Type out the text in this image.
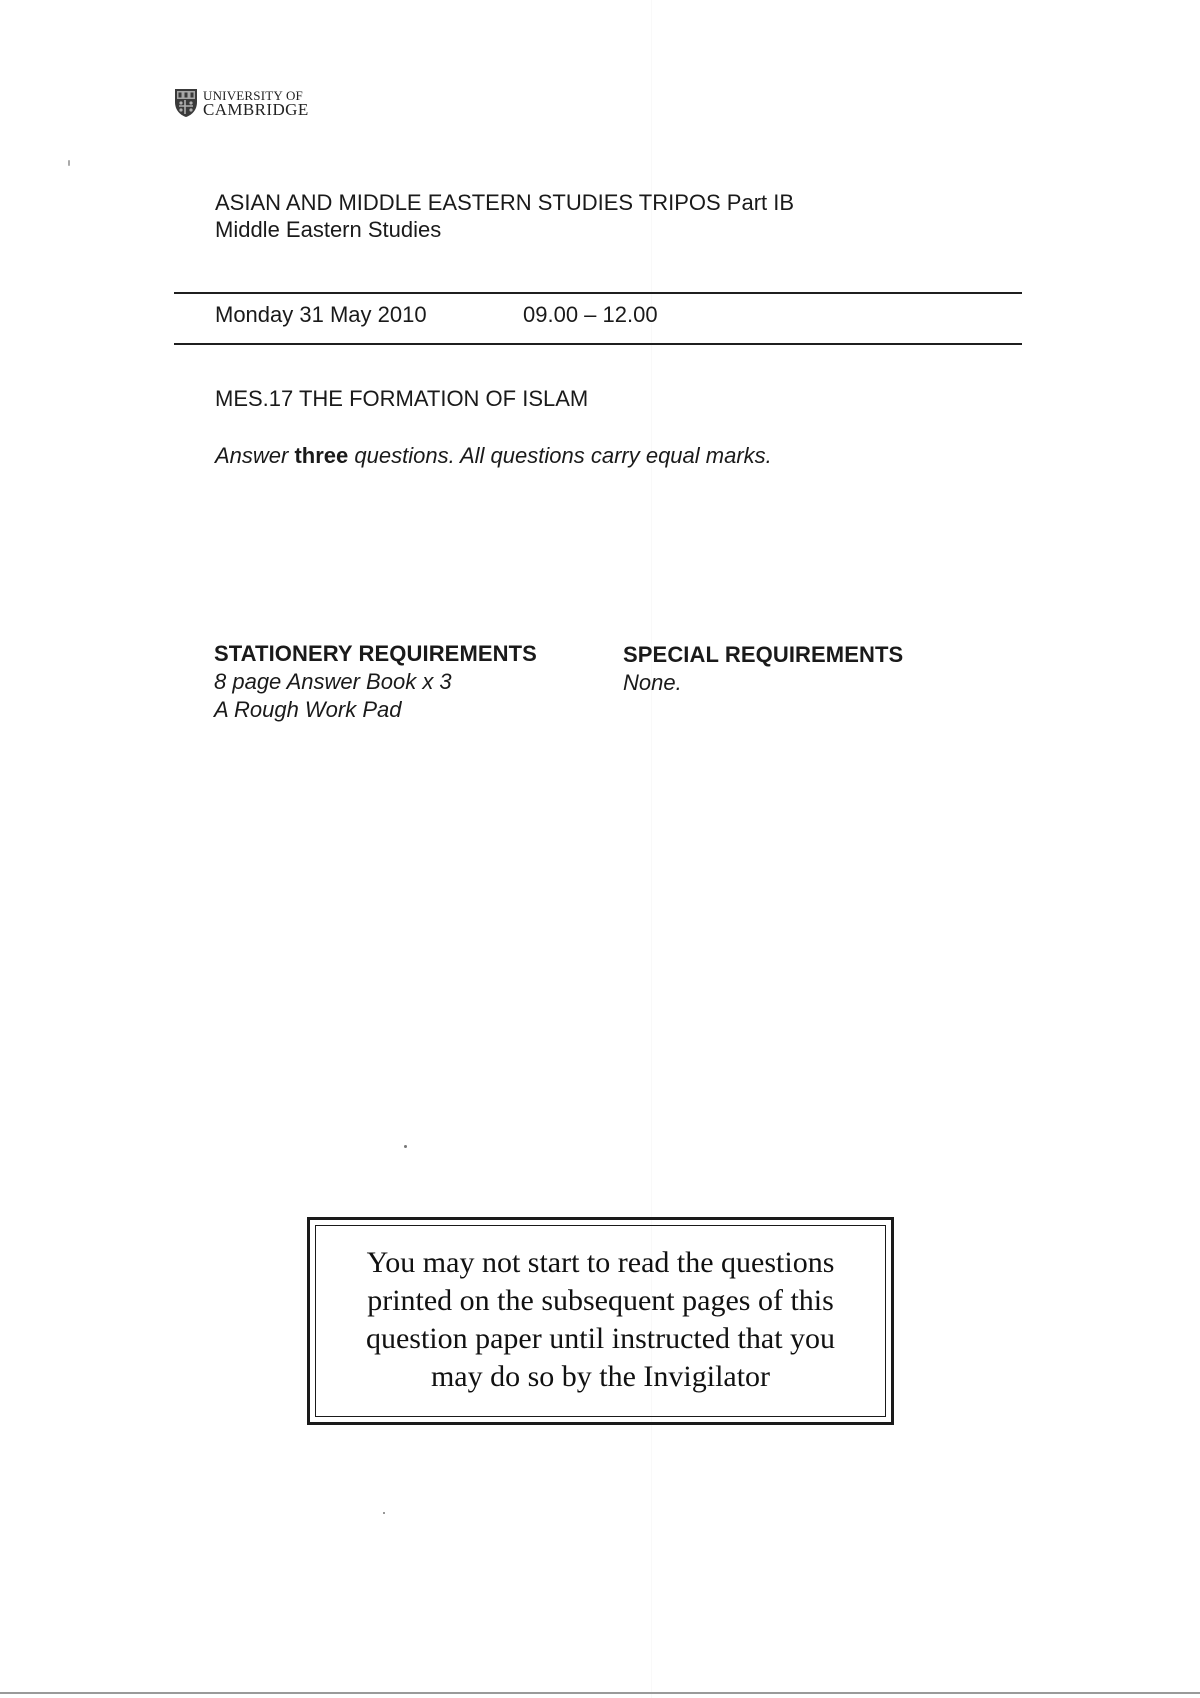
UNIVERSITY OF
CAMBRIDGE
ASIAN AND MIDDLE EASTERN STUDIES TRIPOS Part IB
Middle Eastern Studies
Monday 31 May 2010	09.00 – 12.00
MES.17 THE FORMATION OF ISLAM
Answer three questions. All questions carry equal marks.
STATIONERY REQUIREMENTS
8 page Answer Book x 3
A Rough Work Pad
SPECIAL REQUIREMENTS
None.
You may not start to read the questions
printed on the subsequent pages of this
question paper until instructed that you
may do so by the Invigilator
